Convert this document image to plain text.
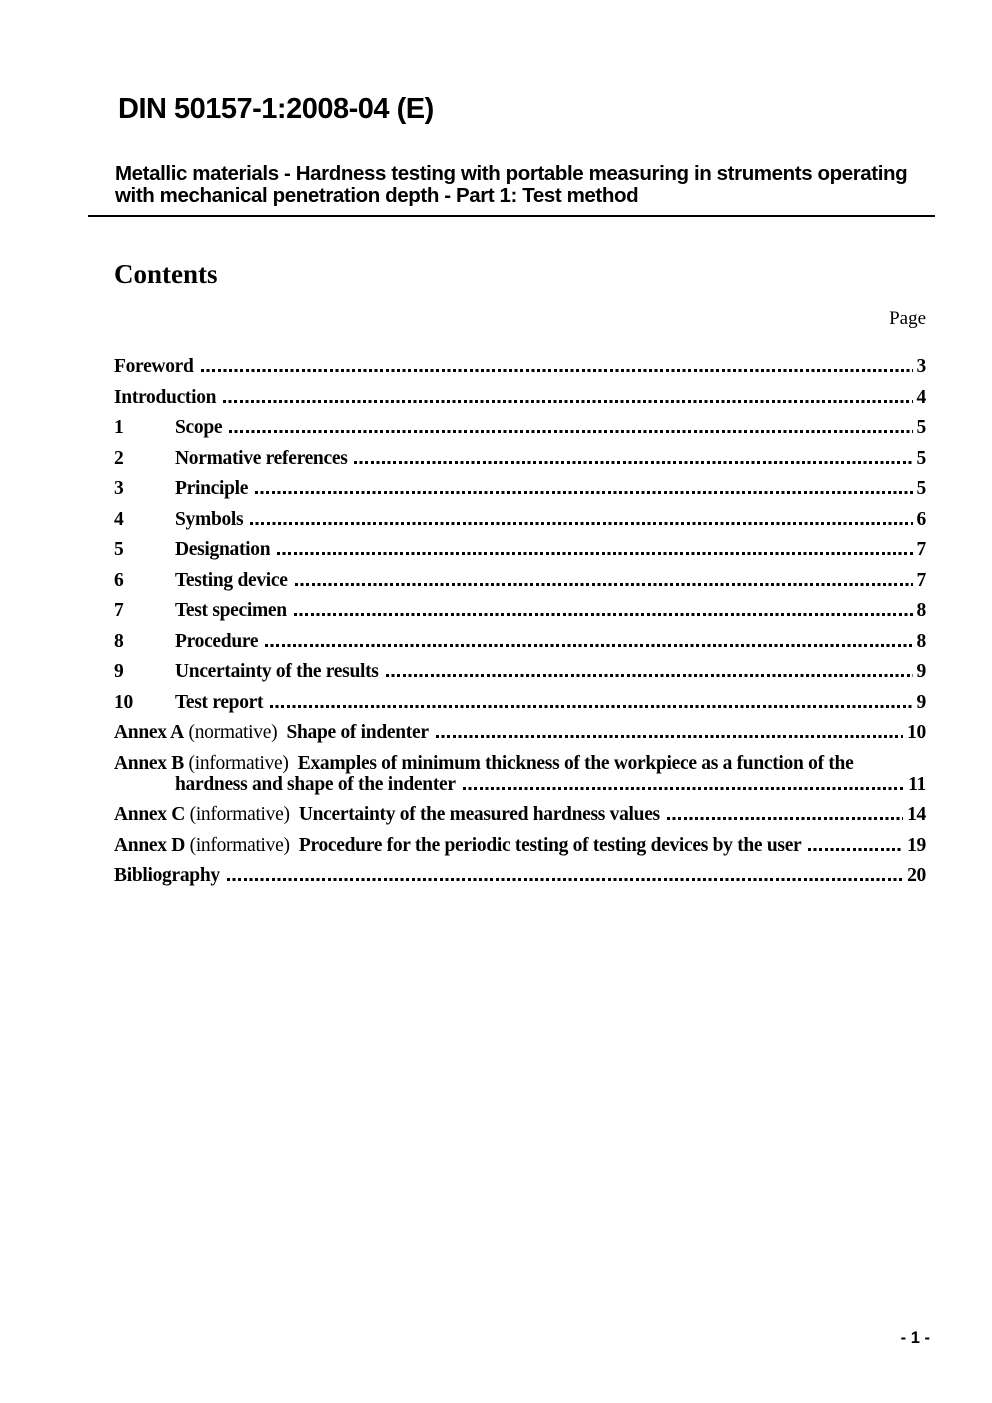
DIN 50157-1:2008-04 (E)
Metallic materials - Hardness testing with portable measuring in struments operating
with mechanical penetration depth - Part 1: Test method
Contents
Page
Foreword	3
Introduction	4
1	Scope	5
2	Normative references	5
3	Principle	5
4	Symbols	6
5	Designation	7
6	Testing device	7
7	Test specimen	8
8	Procedure	8
9	Uncertainty of the results	9
10	Test report	9
Annex A (normative)  Shape of indenter	10
Annex B (informative)  Examples of minimum thickness of the workpiece as a function of the
hardness and shape of the indenter	11
Annex C (informative)  Uncertainty of the measured hardness values	14
Annex D (informative)  Procedure for the periodic testing of testing devices by the user	19
Bibliography	20
- 1 -
